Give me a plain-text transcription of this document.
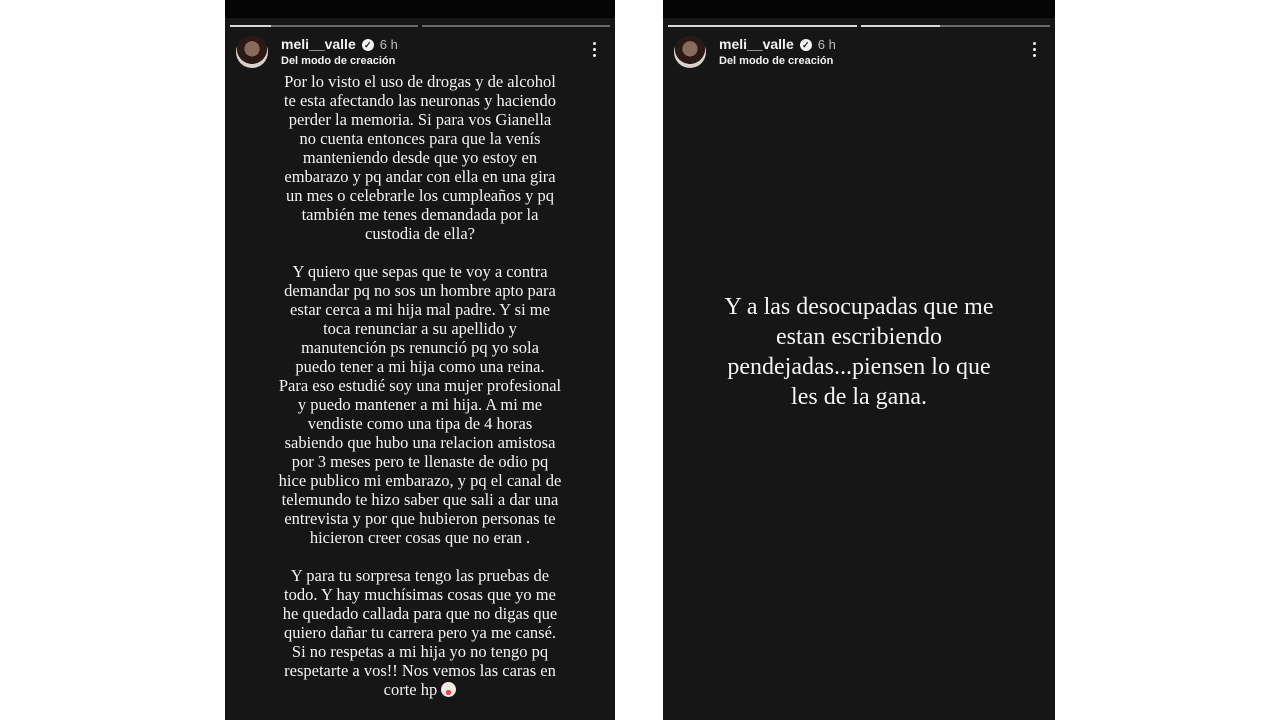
meli__valle ✓ 6 h
Del modo de creación

Por lo visto el uso de drogas y de alcohol
te esta afectando las neuronas y haciendo
perder la memoria. Si para vos Gianella
no cuenta entonces para que la venís
manteniendo desde que yo estoy en
embarazo y pq andar con ella en una gira
un mes o celebrarle los cumpleaños y pq
también me tenes demandada por la
custodia de ella?

Y quiero que sepas que te voy a contra
demandar pq no sos un hombre apto para
estar cerca a mi hija mal padre. Y si me
toca renunciar a su apellido y
manutención ps renunció pq yo sola
puedo tener a mi hija como una reina.
Para eso estudié soy una mujer profesional
y puedo mantener a mi hija. A mi me
vendiste como una tipa de 4 horas
sabiendo que hubo una relacion amistosa
por 3 meses pero te llenaste de odio pq
hice publico mi embarazo, y pq el canal de
telemundo te hizo saber que sali a dar una
entrevista y por que hubieron personas te
hicieron creer cosas que no eran .

Y para tu sorpresa tengo las pruebas de
todo. Y hay muchísimas cosas que yo me
he quedado callada para que no digas que
quiero dañar tu carrera pero ya me cansé.
Si no respetas a mi hija yo no tengo pq
respetarte a vos!! Nos vemos las caras en
corte hp

meli__valle ✓ 6 h
Del modo de creación
Y a las desocupadas que me
estan escribiendo
pendejadas...piensen lo que
les de la gana.
